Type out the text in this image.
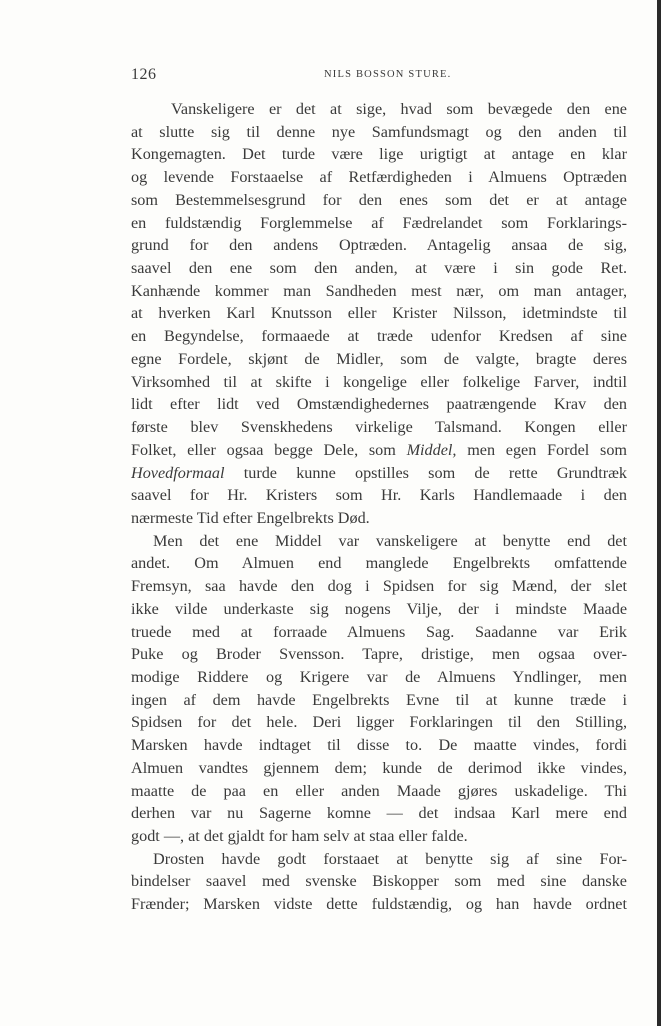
126	NILS BOSSON STURE.
Vanskeligere er det at sige, hvad som bevægede den ene
at slutte sig til denne nye Samfundsmagt og den anden til
Kongemagten. Det turde være lige urigtigt at antage en klar
og levende Forstaaelse af Retfærdigheden i Almuens Optræden
som Bestemmelsesgrund for den enes som det er at antage
en fuldstændig Forglemmelse af Fædrelandet som Forklarings-
grund for den andens Optræden. Antagelig ansaa de sig,
saavel den ene som den anden, at være i sin gode Ret.
Kanhænde kommer man Sandheden mest nær, om man antager,
at hverken Karl Knutsson eller Krister Nilsson, idetmindste til
en Begyndelse, formaaede at træde udenfor Kredsen af sine
egne Fordele, skjønt de Midler, som de valgte, bragte deres
Virksomhed til at skifte i kongelige eller folkelige Farver, indtil
lidt efter lidt ved Omstændighedernes paatrængende Krav den
første blev Svenskhedens virkelige Talsmand. Kongen eller
Folket, eller ogsaa begge Dele, som Middel, men egen Fordel som
Hovedformaal turde kunne opstilles som de rette Grundtræk
saavel for Hr. Kristers som Hr. Karls Handlemaade i den
nærmeste Tid efter Engelbrekts Død.
Men det ene Middel var vanskeligere at benytte end det
andet. Om Almuen end manglede Engelbrekts omfattende
Fremsyn, saa havde den dog i Spidsen for sig Mænd, der slet
ikke vilde underkaste sig nogens Vilje, der i mindste Maade
truede med at forraade Almuens Sag. Saadanne var Erik
Puke og Broder Svensson. Tapre, dristige, men ogsaa over-
modige Riddere og Krigere var de Almuens Yndlinger, men
ingen af dem havde Engelbrekts Evne til at kunne træde i
Spidsen for det hele. Deri ligger Forklaringen til den Stilling,
Marsken havde indtaget til disse to. De maatte vindes, fordi
Almuen vandtes gjennem dem; kunde de derimod ikke vindes,
maatte de paa en eller anden Maade gjøres uskadelige. Thi
derhen var nu Sagerne komne — det indsaa Karl mere end
godt —, at det gjaldt for ham selv at staa eller falde.
Drosten havde godt forstaaet at benytte sig af sine For-
bindelser saavel med svenske Biskopper som med sine danske
Frænder; Marsken vidste dette fuldstændig, og han havde ordnet
